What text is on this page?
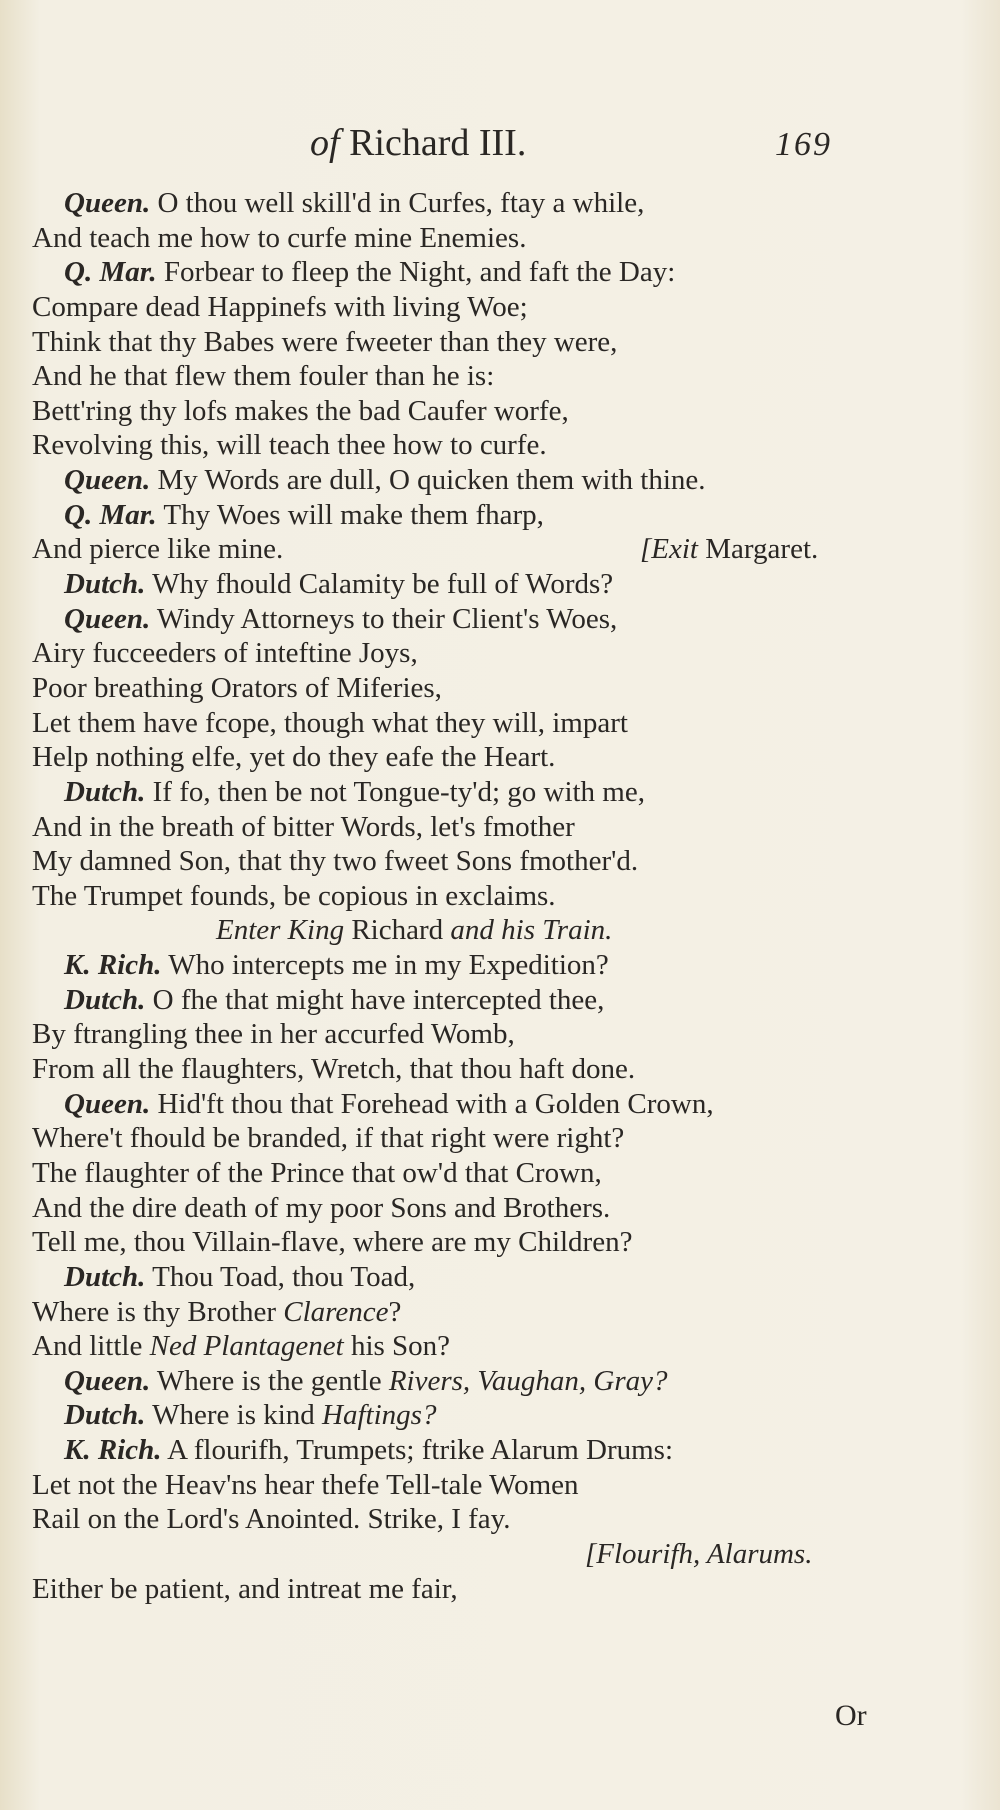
of Richard III.	169
Queen. O thou well skill'd in Curfes, ftay a while,
And teach me how to curfe mine Enemies.
Q. Mar. Forbear to fleep the Night, and faft the Day:
Compare dead Happinefs with living Woe;
Think that thy Babes were fweeter than they were,
And he that flew them fouler than he is:
Bett'ring thy lofs makes the bad Caufer worfe,
Revolving this, will teach thee how to curfe.
Queen. My Words are dull, O quicken them with thine.
Q. Mar. Thy Woes will make them fharp,
And pierce like mine.	[Exit Margaret.
Dutch. Why fhould Calamity be full of Words?
Queen. Windy Attorneys to their Client's Woes,
Airy fucceeders of inteftine Joys,
Poor breathing Orators of Miferies,
Let them have fcope, though what they will, impart
Help nothing elfe, yet do they eafe the Heart.
Dutch. If fo, then be not Tongue-ty'd; go with me,
And in the breath of bitter Words, let's fmother
My damned Son, that thy two fweet Sons fmother'd.
The Trumpet founds, be copious in exclaims.
Enter King Richard and his Train.
K. Rich. Who intercepts me in my Expedition?
Dutch. O fhe that might have intercepted thee,
By ftrangling thee in her accurfed Womb,
From all the flaughters, Wretch, that thou haft done.
Queen. Hid'ft thou that Forehead with a Golden Crown,
Where't fhould be branded, if that right were right?
The flaughter of the Prince that ow'd that Crown,
And the dire death of my poor Sons and Brothers.
Tell me, thou Villain-flave, where are my Children?
Dutch. Thou Toad, thou Toad,
Where is thy Brother Clarence?
And little Ned Plantagenet his Son?
Queen. Where is the gentle Rivers, Vaughan, Gray?
Dutch. Where is kind Haftings?
K. Rich. A flourifh, Trumpets; ftrike Alarum Drums:
Let not the Heav'ns hear thefe Tell-tale Women
Rail on the Lord's Anointed. Strike, I fay.
[Flourifh, Alarums.
Either be patient, and intreat me fair,
Or
